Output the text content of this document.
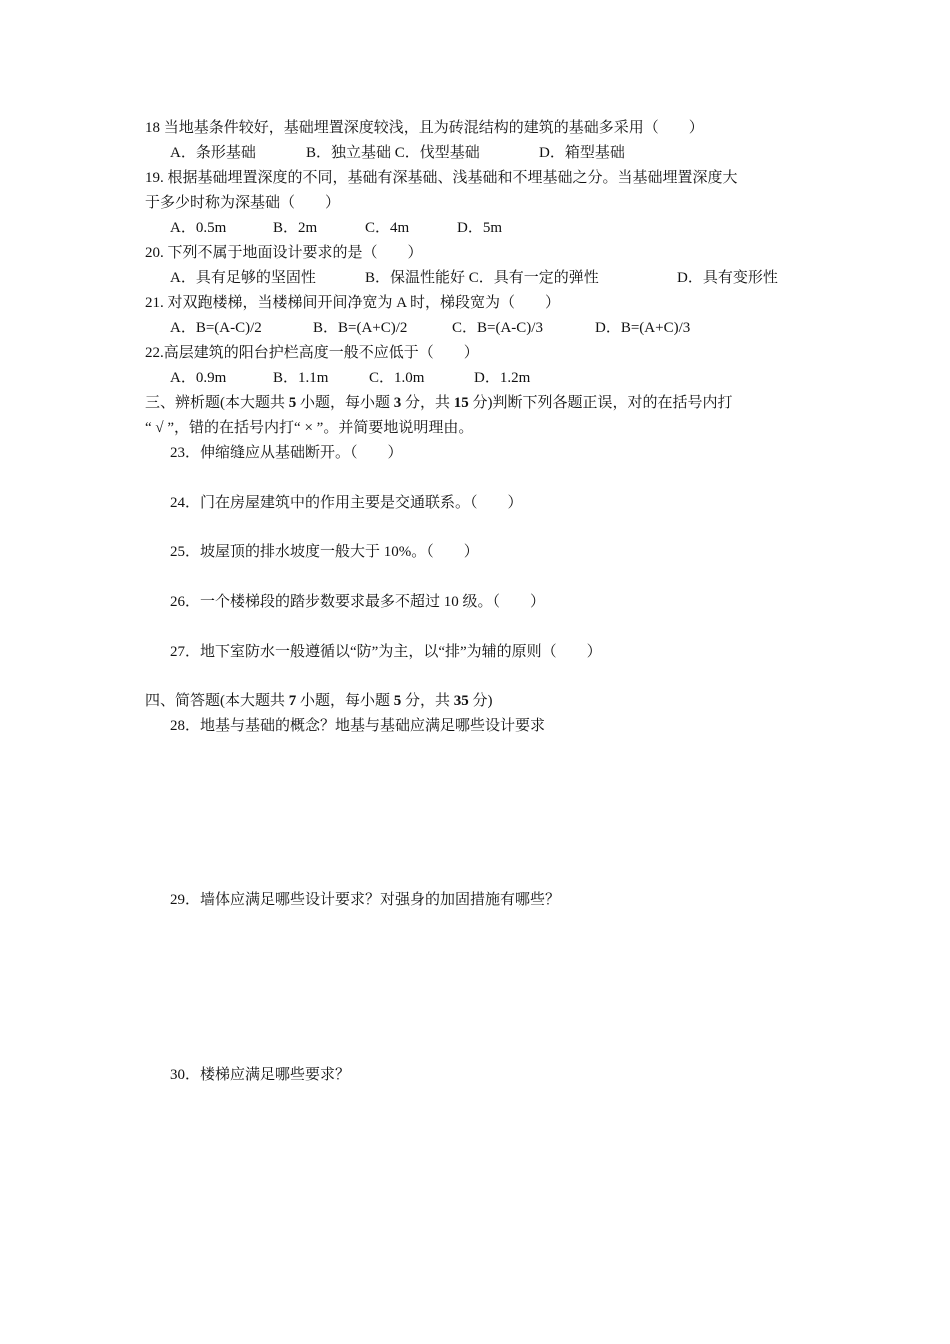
18 当地基条件较好，基础埋置深度较浅，且为砖混结构的建筑的基础多采用（　　）
A．条形基础	B．独立基础 C．伐型基础	D．箱型基础
19. 根据基础埋置深度的不同，基础有深基础、浅基础和不埋基础之分。当基础埋置深度大
于多少时称为深基础（　　）
A．0.5m	B．2m	C．4m	D．5m
20. 下列不属于地面设计要求的是（　　）
A．具有足够的坚固性	B．保温性能好 C．具有一定的弹性	D．具有变形性
21. 对双跑楼梯，当楼梯间开间净宽为 A 时，梯段宽为（　　）
A．B=(A-C)/2	B．B=(A+C)/2	C．B=(A-C)/3	D．B=(A+C)/3
22.高层建筑的阳台护栏高度一般不应低于（　　）
A．0.9m	B．1.1m	C．1.0m	D．1.2m
三、辨析题(本大题共 5 小题，每小题 3 分，共 15 分)判断下列各题正误，对的在括号内打
“ √ ”，错的在括号内打“ × ”。并简要地说明理由。
23．伸缩缝应从基础断开。（　　）
24．门在房屋建筑中的作用主要是交通联系。（　　）
25．坡屋顶的排水坡度一般大于 10%。（　　）
26．一个楼梯段的踏步数要求最多不超过 10 级。（　　）
27．地下室防水一般遵循以“防”为主，以“排”为辅的原则（　　）
四、简答题(本大题共 7 小题，每小题 5 分，共 35 分)
28．地基与基础的概念？地基与基础应满足哪些设计要求
29．墙体应满足哪些设计要求？对强身的加固措施有哪些？
30．楼梯应满足哪些要求？
